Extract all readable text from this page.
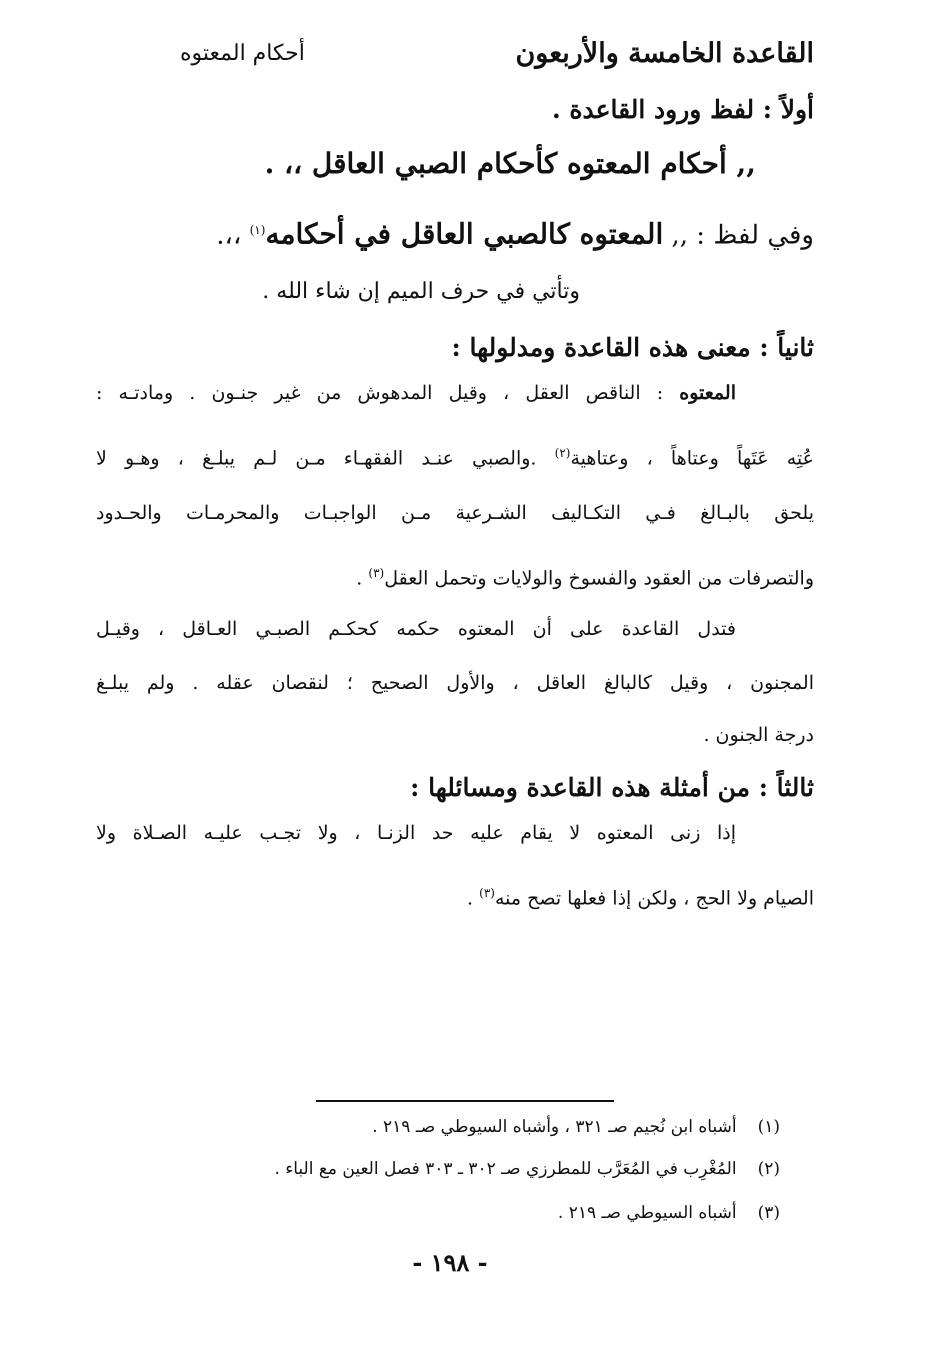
القاعدة الخامسة والأربعون
أحكام المعتوه
أولاً : لفظ ورود القاعدة .
,, أحكام المعتوه كأحكام الصبي العاقل ،، .
وفي لفظ : ,, المعتوه كالصبي العاقل في أحكامه$^{(١)}$ ،،.
وتأتي في حرف الميم إن شاء الله .
ثانياً : معنى هذه القاعدة ومدلولها :
المعتوه : الناقص العقل ، وقيل المدهوش من غير جنـون . ومادتـه :
عُتِه عَتَهاً وعتاهاً ، وعتاهية$^{(٢)}$ .والصبي عنـد الفقهـاء مـن لـم يبلـغ ، وهـو لا
يلحق بالبـالغ فـي التكـاليف الشـرعية مـن الواجبـات والمحرمـات والحـدود
والتصرفات من العقود والفسوخ والولايات وتحمل العقل$^{(٣)}$ .
فتدل القاعدة على أن المعتوه حكمه كحكـم الصبـي العـاقل ، وقيـل
المجنون ، وقيل كالبالغ العاقل ، والأول الصحيح ؛ لنقصان عقله . ولم يبلـغ
درجة الجنون .
ثالثاً : من أمثلة هذه القاعدة ومسائلها :
إذا زنى المعتوه لا يقام عليه حد الزنـا ، ولا تجـب عليـه الصـلاة ولا
الصيام ولا الحج ، ولكن إذا فعلها تصح منه$^{(٣)}$ .
(١) أشباه ابن نُجيم صـ ٣٢١ ، وأشباه السيوطي صـ ٢١٩ .
(٢) المُغْرِب في المُعَرَّب للمطرزي صـ ٣٠٢ ـ ٣٠٣ فصل العين مع الباء .
(٣) أشباه السيوطي صـ ٢١٩ .
- ١٩٨ -
